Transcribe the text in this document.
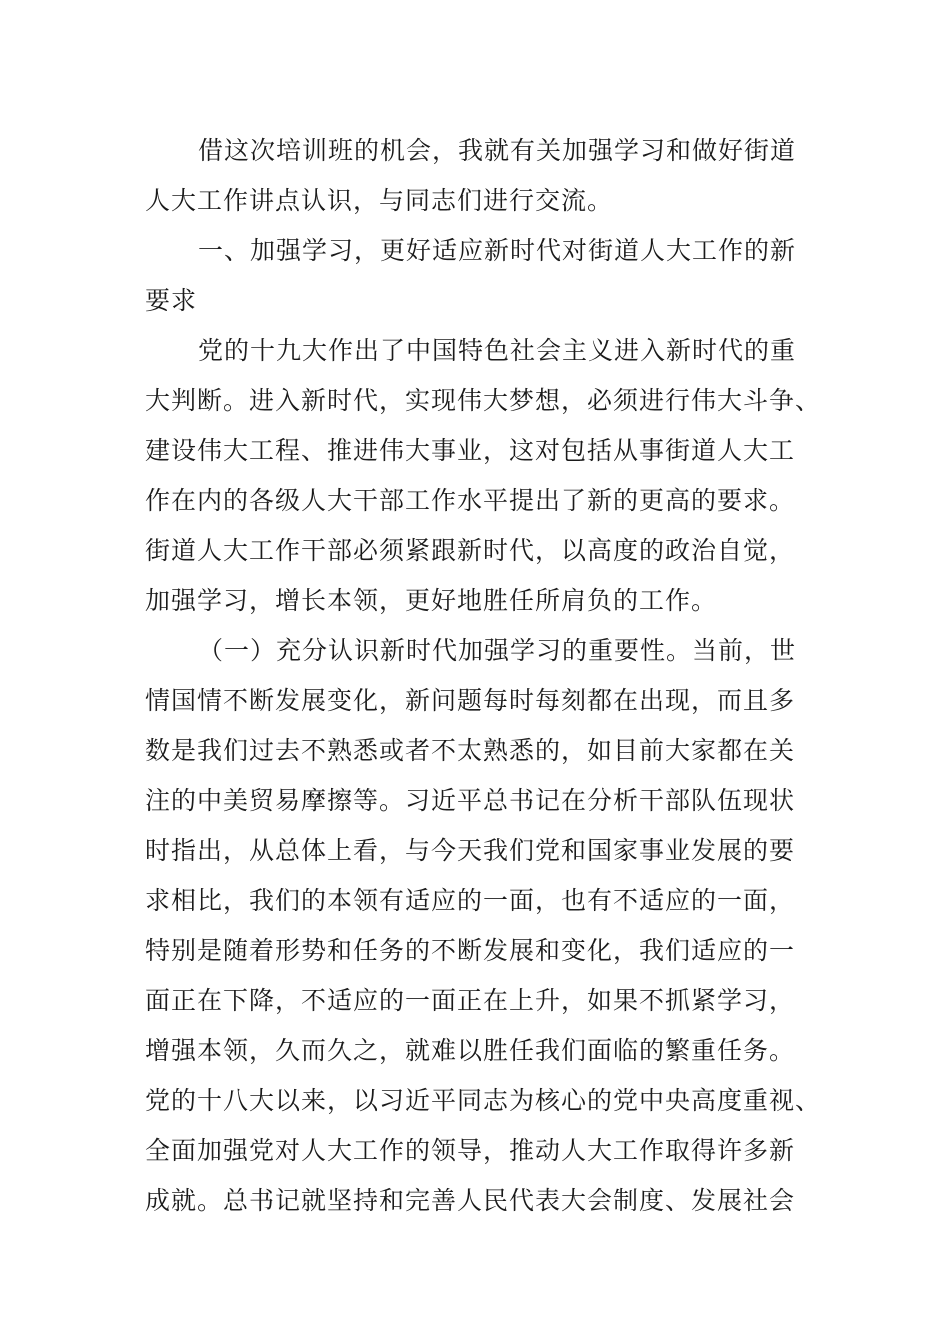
借这次培训班的机会，我就有关加强学习和做好街道
人大工作讲点认识，与同志们进行交流。
一、加强学习，更好适应新时代对街道人大工作的新
要求
党的十九大作出了中国特色社会主义进入新时代的重
大判断。进入新时代，实现伟大梦想，必须进行伟大斗争、
建设伟大工程、推进伟大事业，这对包括从事街道人大工
作在内的各级人大干部工作水平提出了新的更高的要求。
街道人大工作干部必须紧跟新时代，以高度的政治自觉，
加强学习，增长本领，更好地胜任所肩负的工作。
（一）充分认识新时代加强学习的重要性。当前，世
情国情不断发展变化，新问题每时每刻都在出现，而且多
数是我们过去不熟悉或者不太熟悉的，如目前大家都在关
注的中美贸易摩擦等。习近平总书记在分析干部队伍现状
时指出，从总体上看，与今天我们党和国家事业发展的要
求相比，我们的本领有适应的一面，也有不适应的一面，
特别是随着形势和任务的不断发展和变化，我们适应的一
面正在下降，不适应的一面正在上升，如果不抓紧学习，
增强本领，久而久之，就难以胜任我们面临的繁重任务。
党的十八大以来，以习近平同志为核心的党中央高度重视、
全面加强党对人大工作的领导，推动人大工作取得许多新
成就。总书记就坚持和完善人民代表大会制度、发展社会
